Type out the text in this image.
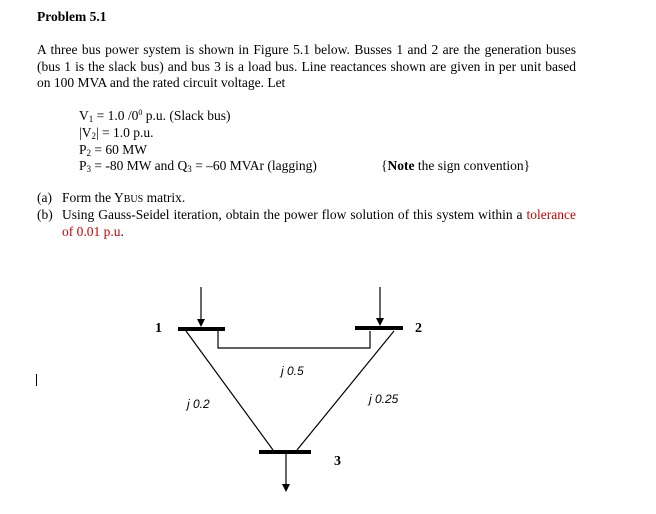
Problem 5.1
A three bus power system is shown in Figure 5.1 below. Busses 1 and 2 are the generation buses (bus 1 is the slack bus) and bus 3 is a load bus. Line reactances shown are given in per unit based on 100 MVA and the rated circuit voltage. Let
$V_1 = 1.0$ $/0^0$ p.u. (Slack bus)
$|V_2| = 1.0$ p.u.
$P_2 = 60$ MW
$P_3 = -80$ MW and $Q_3 = -60$ MVAr (lagging)	{Note the sign convention}
(a) Form the YBUS matrix.
(b) Using Gauss-Seidel iteration, obtain the power flow solution of this system within a tolerance of 0.01 p.u.
1	2
3
j 0.5
j 0.2	j 0.25
